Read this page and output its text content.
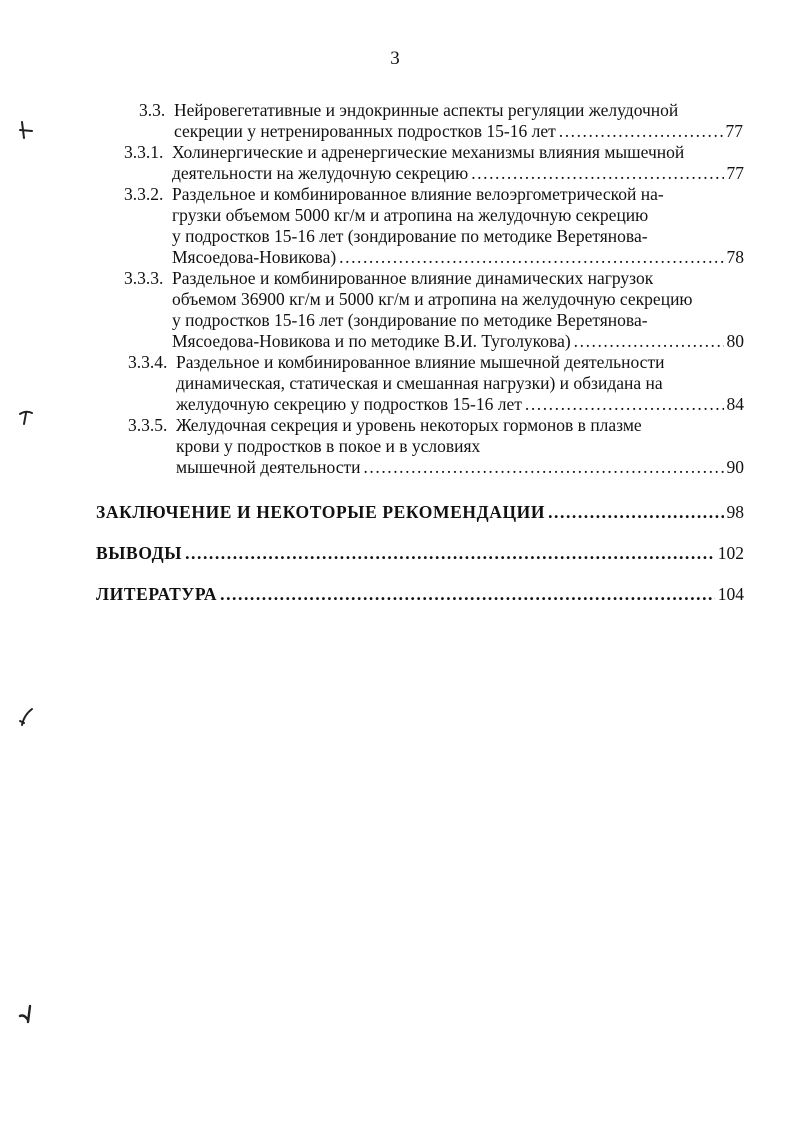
3
3.3. Нейровегетативные и эндокринные аспекты регуляции желудочной
секреции у нетренированных подростков 15-16 лет . . .	77
3.3.1. Холинергические и адренергические механизмы влияния мышечной
деятельности на желудочную секрецию . . .	77
3.3.2. Раздельное и комбинированное влияние велоэргометрической на-
грузки объемом 5000 кг/м и атропина на желудочную секрецию
у подростков 15-16 лет (зондирование по методике Веретянова-
Мясоедова-Новикова) . . .	78
3.3.3. Раздельное и комбинированное влияние динамических нагрузок
объемом 36900 кг/м и 5000 кг/м и атропина на желудочную секрецию
у подростков 15-16 лет (зондирование по методике Веретянова-
Мясоедова-Новикова и по методике В.И. Туголукова) . . .	80
3.3.4. Раздельное и комбинированное влияние мышечной деятельности
динамическая, статическая и смешанная нагрузки) и обзидана на
желудочную секрецию у подростков 15-16 лет . . .	84
3.3.5. Желудочная секреция и уровень некоторых гормонов в плазме
крови у подростков в покое и в условиях
мышечной деятельности . . .	90
ЗАКЛЮЧЕНИЕ И НЕКОТОРЫЕ РЕКОМЕНДАЦИИ . . .	98
ВЫВОДЫ . . .	102
ЛИТЕРАТУРА . . .	104
